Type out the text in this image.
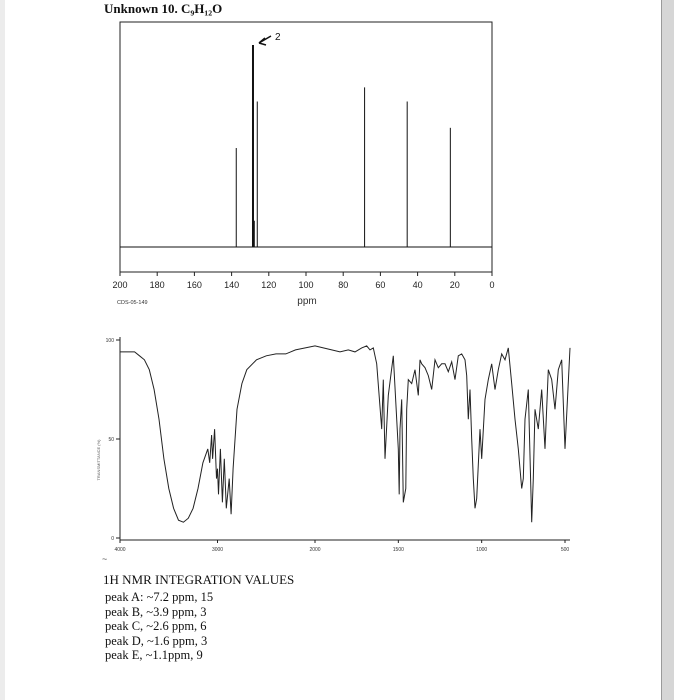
Unknown 10. C₉H₁₂O
200 180 160 140 120 100	80	60	40	20	0
2
ppm
CDS-05-149
100
50
0
4000	3000	2000	1500	1000	500
TRANSMITTANCE (%)
~
1H NMR INTEGRATION VALUES
peak A: ~7.2 ppm, 15
peak B, ~3.9 ppm, 3
peak C, ~2.6 ppm, 6
peak D, ~1.6 ppm, 3
peak E, ~1.1ppm, 9
